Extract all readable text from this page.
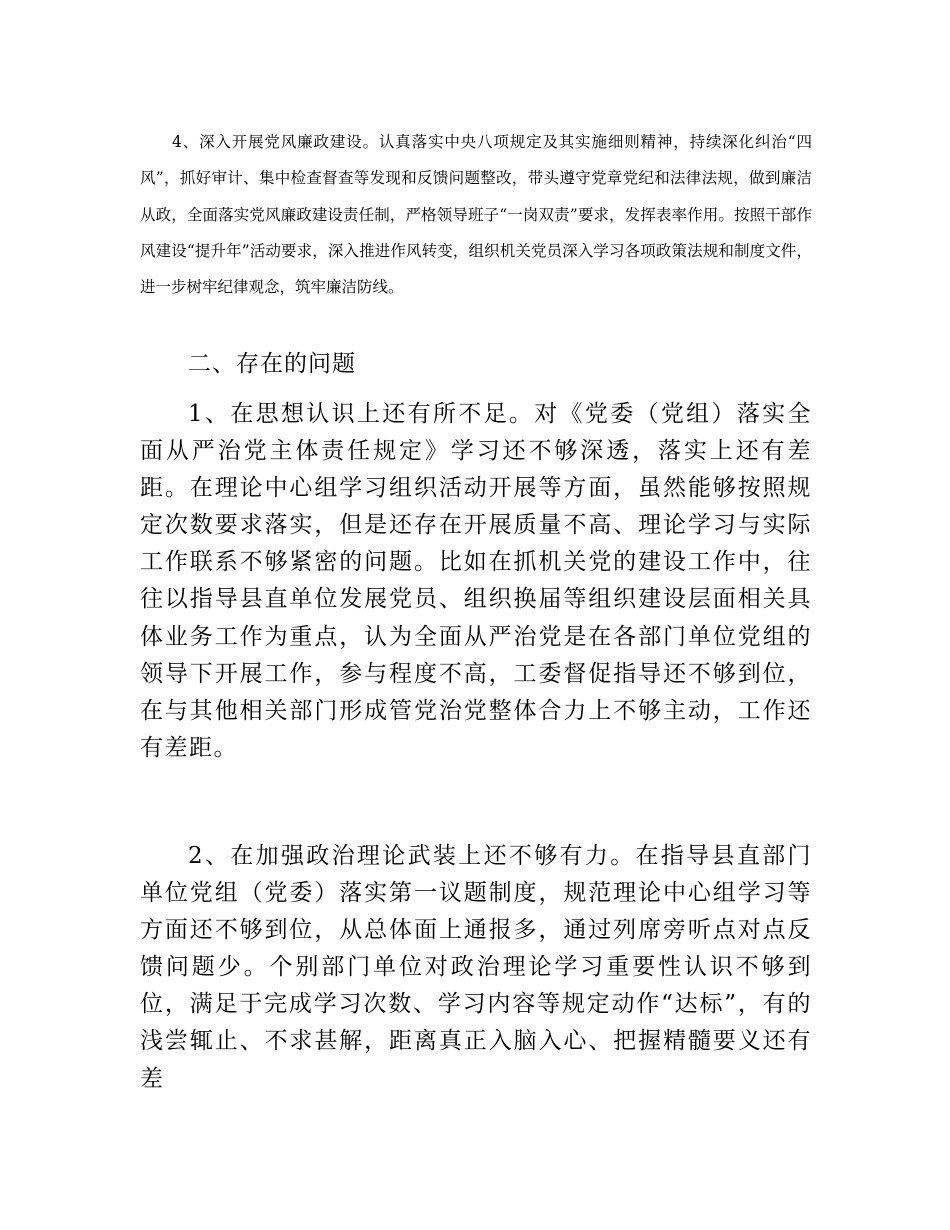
4、深入开展党风廉政建设。认真落实中央八项规定及其实施细则精神，持续深化纠治“四风”，抓好审计、集中检查督查等发现和反馈问题整改，带头遵守党章党纪和法律法规，做到廉洁从政，全面落实党风廉政建设责任制，严格领导班子“一岗双责”要求，发挥表率作用。按照干部作风建设“提升年”活动要求，深入推进作风转变，组织机关党员深入学习各项政策法规和制度文件，进一步树牢纪律观念，筑牢廉洁防线。

二、存在的问题

1、在思想认识上还有所不足。对《党委（党组）落实全面从严治党主体责任规定》学习还不够深透，落实上还有差距。在理论中心组学习组织活动开展等方面，虽然能够按照规定次数要求落实，但是还存在开展质量不高、理论学习与实际工作联系不够紧密的问题。比如在抓机关党的建设工作中，往往以指导县直单位发展党员、组织换届等组织建设层面相关具体业务工作为重点，认为全面从严治党是在各部门单位党组的领导下开展工作，参与程度不高，工委督促指导还不够到位，在与其他相关部门形成管党治党整体合力上不够主动，工作还有差距。

2、在加强政治理论武装上还不够有力。在指导县直部门单位党组（党委）落实第一议题制度，规范理论中心组学习等方面还不够到位，从总体面上通报多，通过列席旁听点对点反馈问题少。个别部门单位对政治理论学习重要性认识不够到位，满足于完成学习次数、学习内容等规定动作“达标”，有的浅尝辄止、不求甚解，距离真正入脑入心、把握精髓要义还有差
